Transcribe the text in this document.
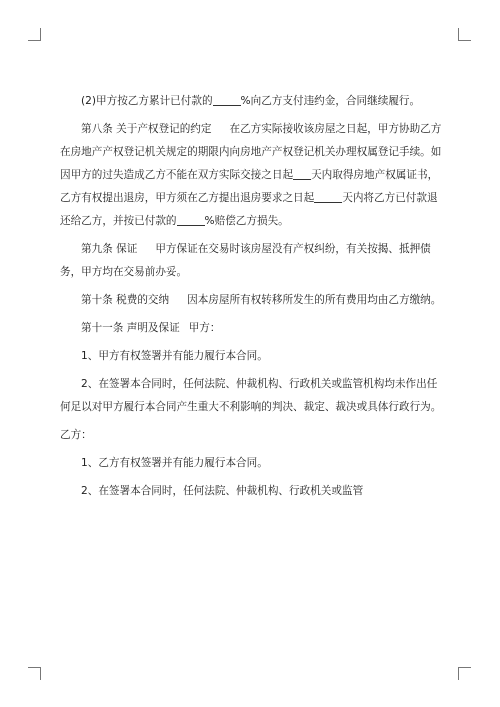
(2)甲方按乙方累计已付款的	%向乙方支付违约金，合同继续履行。

第八条 关于产权登记的约定 在乙方实际接收该房屋之日起，甲方协助乙方在房地产产权登记机关规定的期限内向房地产产权登记机关办理权属登记手续。如因甲方的过失造成乙方不能在双方实际交接之日起 天内取得房地产权属证书，乙方有权提出退房，甲方须在乙方提出退房要求之日起	天内将乙方已付款退还给乙方，并按已付款的	%赔偿乙方损失。

第九条 保证 甲方保证在交易时该房屋没有产权纠纷，有关按揭、抵押债务，甲方均在交易前办妥。

第十条 税费的交纳 因本房屋所有权转移所发生的所有费用均由乙方缴纳。

第十一条 声明及保证 甲方：

1、甲方有权签署并有能力履行本合同。

2、在签署本合同时，任何法院、仲裁机构、行政机关或监管机构均未作出任何足以对甲方履行本合同产生重大不利影响的判决、裁定、裁决或具体行政行为。

乙方：

1、乙方有权签署并有能力履行本合同。

2、在签署本合同时，任何法院、仲裁机构、行政机关或监管
